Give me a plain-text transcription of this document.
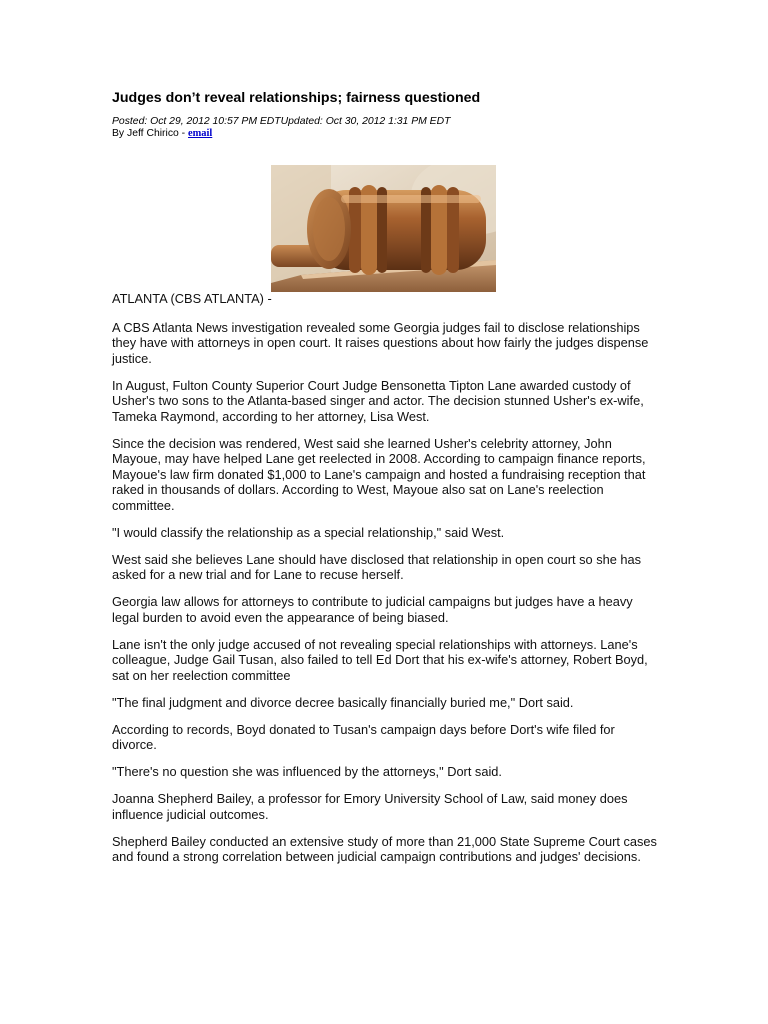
Judges don’t reveal relationships; fairness questioned
Posted: Oct 29, 2012 10:57 PM EDTUpdated: Oct 30, 2012 1:31 PM EDT
By Jeff Chirico - email

ATLANTA (CBS ATLANTA) -

A CBS Atlanta News investigation revealed some Georgia judges fail to disclose relationships they have with attorneys in open court. It raises questions about how fairly the judges dispense justice.

In August, Fulton County Superior Court Judge Bensonetta Tipton Lane awarded custody of Usher's two sons to the Atlanta-based singer and actor. The decision stunned Usher's ex-wife, Tameka Raymond, according to her attorney, Lisa West.

Since the decision was rendered, West said she learned Usher's celebrity attorney, John Mayoue, may have helped Lane get reelected in 2008. According to campaign finance reports, Mayoue's law firm donated $1,000 to Lane's campaign and hosted a fundraising reception that raked in thousands of dollars. According to West, Mayoue also sat on Lane's reelection committee.

"I would classify the relationship as a special relationship," said West.

West said she believes Lane should have disclosed that relationship in open court so she has asked for a new trial and for Lane to recuse herself.

Georgia law allows for attorneys to contribute to judicial campaigns but judges have a heavy legal burden to avoid even the appearance of being biased.

Lane isn't the only judge accused of not revealing special relationships with attorneys. Lane's colleague, Judge Gail Tusan, also failed to tell Ed Dort that his ex-wife's attorney, Robert Boyd, sat on her reelection committee

"The final judgment and divorce decree basically financially buried me," Dort said.

According to records, Boyd donated to Tusan's campaign days before Dort's wife filed for divorce.

"There's no question she was influenced by the attorneys," Dort said.

Joanna Shepherd Bailey, a professor for Emory University School of Law, said money does influence judicial outcomes.

Shepherd Bailey conducted an extensive study of more than 21,000 State Supreme Court cases and found a strong correlation between judicial campaign contributions and judges' decisions.
